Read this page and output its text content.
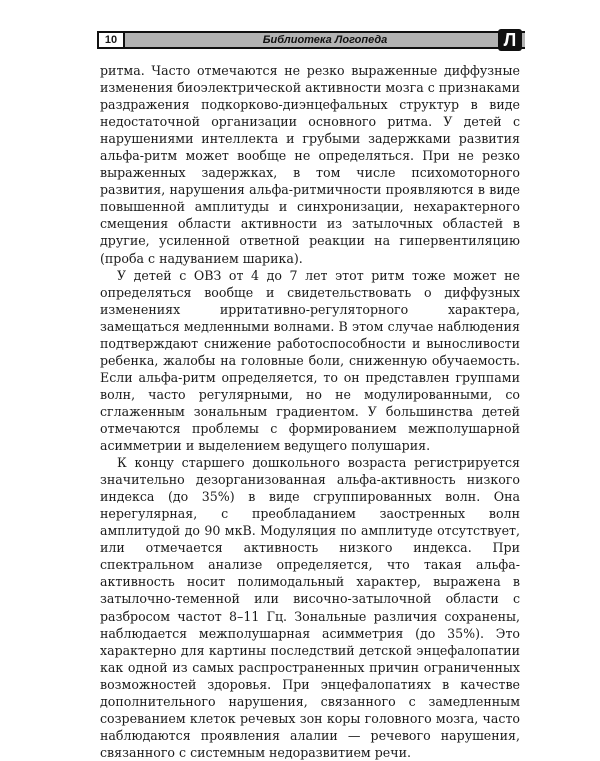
10	Библиотека Логопеда	Л

ритма. Часто отмечаются не резко выраженные диффузные изменения биоэлектрической активности мозга с признаками раздражения подкорково-диэнцефальных структур в виде недостаточной организации основного ритма. У детей с нарушениями интеллекта и грубыми задержками развития альфа-ритм может вообще не определяться. При не резко выраженных задержках, в том числе психомоторного развития, нарушения альфа-ритмичности проявляются в виде повышенной амплитуды и синхронизации, нехарактерного смещения области активности из затылочных областей в другие, усиленной ответной реакции на гипервентиляцию (проба с надуванием шарика).

У детей с ОВЗ от 4 до 7 лет этот ритм тоже может не определяться вообще и свидетельствовать о диффузных изменениях ирритативно-регуляторного характера, замещаться медленными волнами. В этом случае наблюдения подтверждают снижение работоспособности и выносливости ребенка, жалобы на головные боли, сниженную обучаемость. Если альфа-ритм определяется, то он представлен группами волн, часто регулярными, но не модулированными, со сглаженным зональным градиентом. У большинства детей отмечаются проблемы с формированием межполушарной асимметрии и выделением ведущего полушария.

К концу старшего дошкольного возраста регистрируется значительно дезорганизованная альфа-активность низкого индекса (до 35%) в виде сгруппированных волн. Она нерегулярная, с преобладанием заостренных волн амплитудой до 90 мкВ. Модуляция по амплитуде отсутствует, или отмечается активность низкого индекса. При спектральном анализе определяется, что такая альфа-активность носит полимодальный характер, выражена в затылочно-теменной или височно-затылочной области с разбросом частот 8–11 Гц. Зональные различия сохранены, наблюдается межполушарная асимметрия (до 35%). Это характерно для картины последствий детской энцефалопатии как одной из самых распространенных причин ограниченных возможностей здоровья. При энцефалопатиях в качестве дополнительного нарушения, связанного с замедленным созреванием клеток речевых зон коры головного мозга, часто наблюдаются проявления алалии — речевого нарушения, связанного с системным недоразвитием речи.
